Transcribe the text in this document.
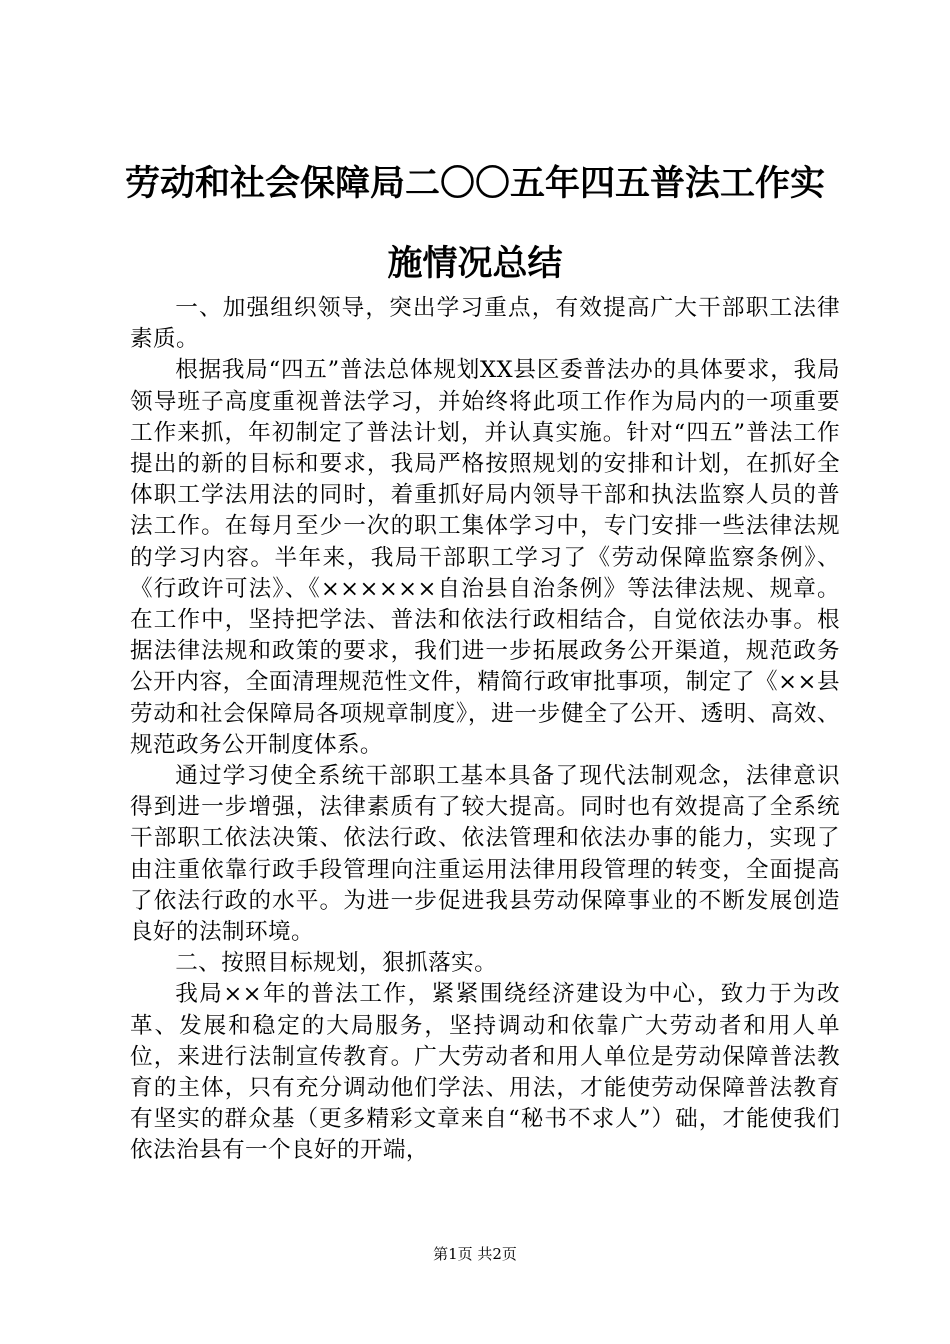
劳动和社会保障局二〇〇五年四五普法工作实
施情况总结

一、加强组织领导，突出学习重点，有效提高广大干部职工法律素质。

根据我局“四五”普法总体规划XX县区委普法办的具体要求，我局领导班子高度重视普法学习，并始终将此项工作作为局内的一项重要工作来抓，年初制定了普法计划，并认真实施。针对“四五”普法工作提出的新的目标和要求，我局严格按照规划的安排和计划，在抓好全体职工学法用法的同时，着重抓好局内领导干部和执法监察人员的普法工作。在每月至少一次的职工集体学习中，专门安排一些法律法规的学习内容。半年来，我局干部职工学习了《劳动保障监察条例》、《行政许可法》、《××××××自治县自治条例》等法律法规、规章。在工作中，坚持把学法、普法和依法行政相结合，自觉依法办事。根据法律法规和政策的要求，我们进一步拓展政务公开渠道，规范政务公开内容，全面清理规范性文件，精简行政审批事项，制定了《××县劳动和社会保障局各项规章制度》，进一步健全了公开、透明、高效、规范政务公开制度体系。

通过学习使全系统干部职工基本具备了现代法制观念，法律意识得到进一步增强，法律素质有了较大提高。同时也有效提高了全系统干部职工依法决策、依法行政、依法管理和依法办事的能力，实现了由注重依靠行政手段管理向注重运用法律用段管理的转变，全面提高了依法行政的水平。为进一步促进我县劳动保障事业的不断发展创造良好的法制环境。

二、按照目标规划，狠抓落实。

我局××年的普法工作，紧紧围绕经济建设为中心，致力于为改革、发展和稳定的大局服务，坚持调动和依靠广大劳动者和用人单位，来进行法制宣传教育。广大劳动者和用人单位是劳动保障普法教育的主体，只有充分调动他们学法、用法，才能使劳动保障普法教育有坚实的群众基（更多精彩文章来自“秘书不求人”）础，才能使我们依法治县有一个良好的开端，

第1页 共2页
